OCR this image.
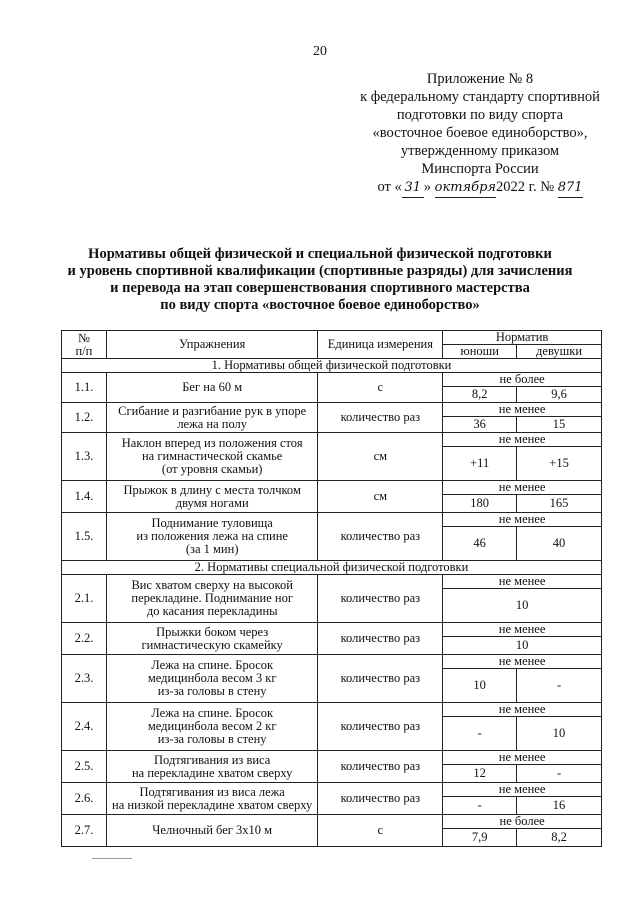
20
Приложение № 8
к федеральному стандарту спортивной
подготовки по виду спорта
«восточное боевое единоборство»,
утвержденному приказом
Минспорта России
от « 31 » октября2022 г. № 871
Нормативы общей физической и специальной физической подготовки
и уровень спортивной квалификации (спортивные разряды) для зачисления
и перевода на этап совершенствования спортивного мастерства
по виду спорта «восточное боевое единоборство»
№
п/п	Упражнения	Единица измерения	Норматив	
			юноши	девушки
1. Нормативы общей физической подготовки				
1.1.	Бег на 60 м	с	не более	
			8,2	9,6
1.2.	Сгибание и разгибание рук в упоре
лежа на полу	количество раз	не менее	
			36	15
1.3.	Наклон вперед из положения стоя
на гимнастической скамье
(от уровня скамьи)	см	не менее	
			+11	+15
1.4.	Прыжок в длину с места толчком
двумя ногами	см	не менее	
			180	165
1.5.	Поднимание туловища
из положения лежа на спине
(за 1 мин)	количество раз	не менее	
			46	40
2. Нормативы специальной физической подготовки				
2.1.	Вис хватом сверху на высокой
перекладине. Поднимание ног
до касания перекладины	количество раз	не менее	
			10	
2.2.	Прыжки боком через
гимнастическую скамейку	количество раз	не менее	
			10	
2.3.	Лежа на спине. Бросок
медицинбола весом 3 кг
из-за головы в стену	количество раз	не менее	
			10	-
2.4.	Лежа на спине. Бросок
медицинбола весом 2 кг
из-за головы в стену	количество раз	не менее	
			-	10
2.5.	Подтягивания из виса
на перекладине хватом сверху	количество раз	не менее	
			12	-
2.6.	Подтягивания из виса лежа
на низкой перекладине хватом сверху	количество раз	не менее	
			-	16
2.7.	Челночный бег 3х10 м	с	не более	
			7,9	8,2
